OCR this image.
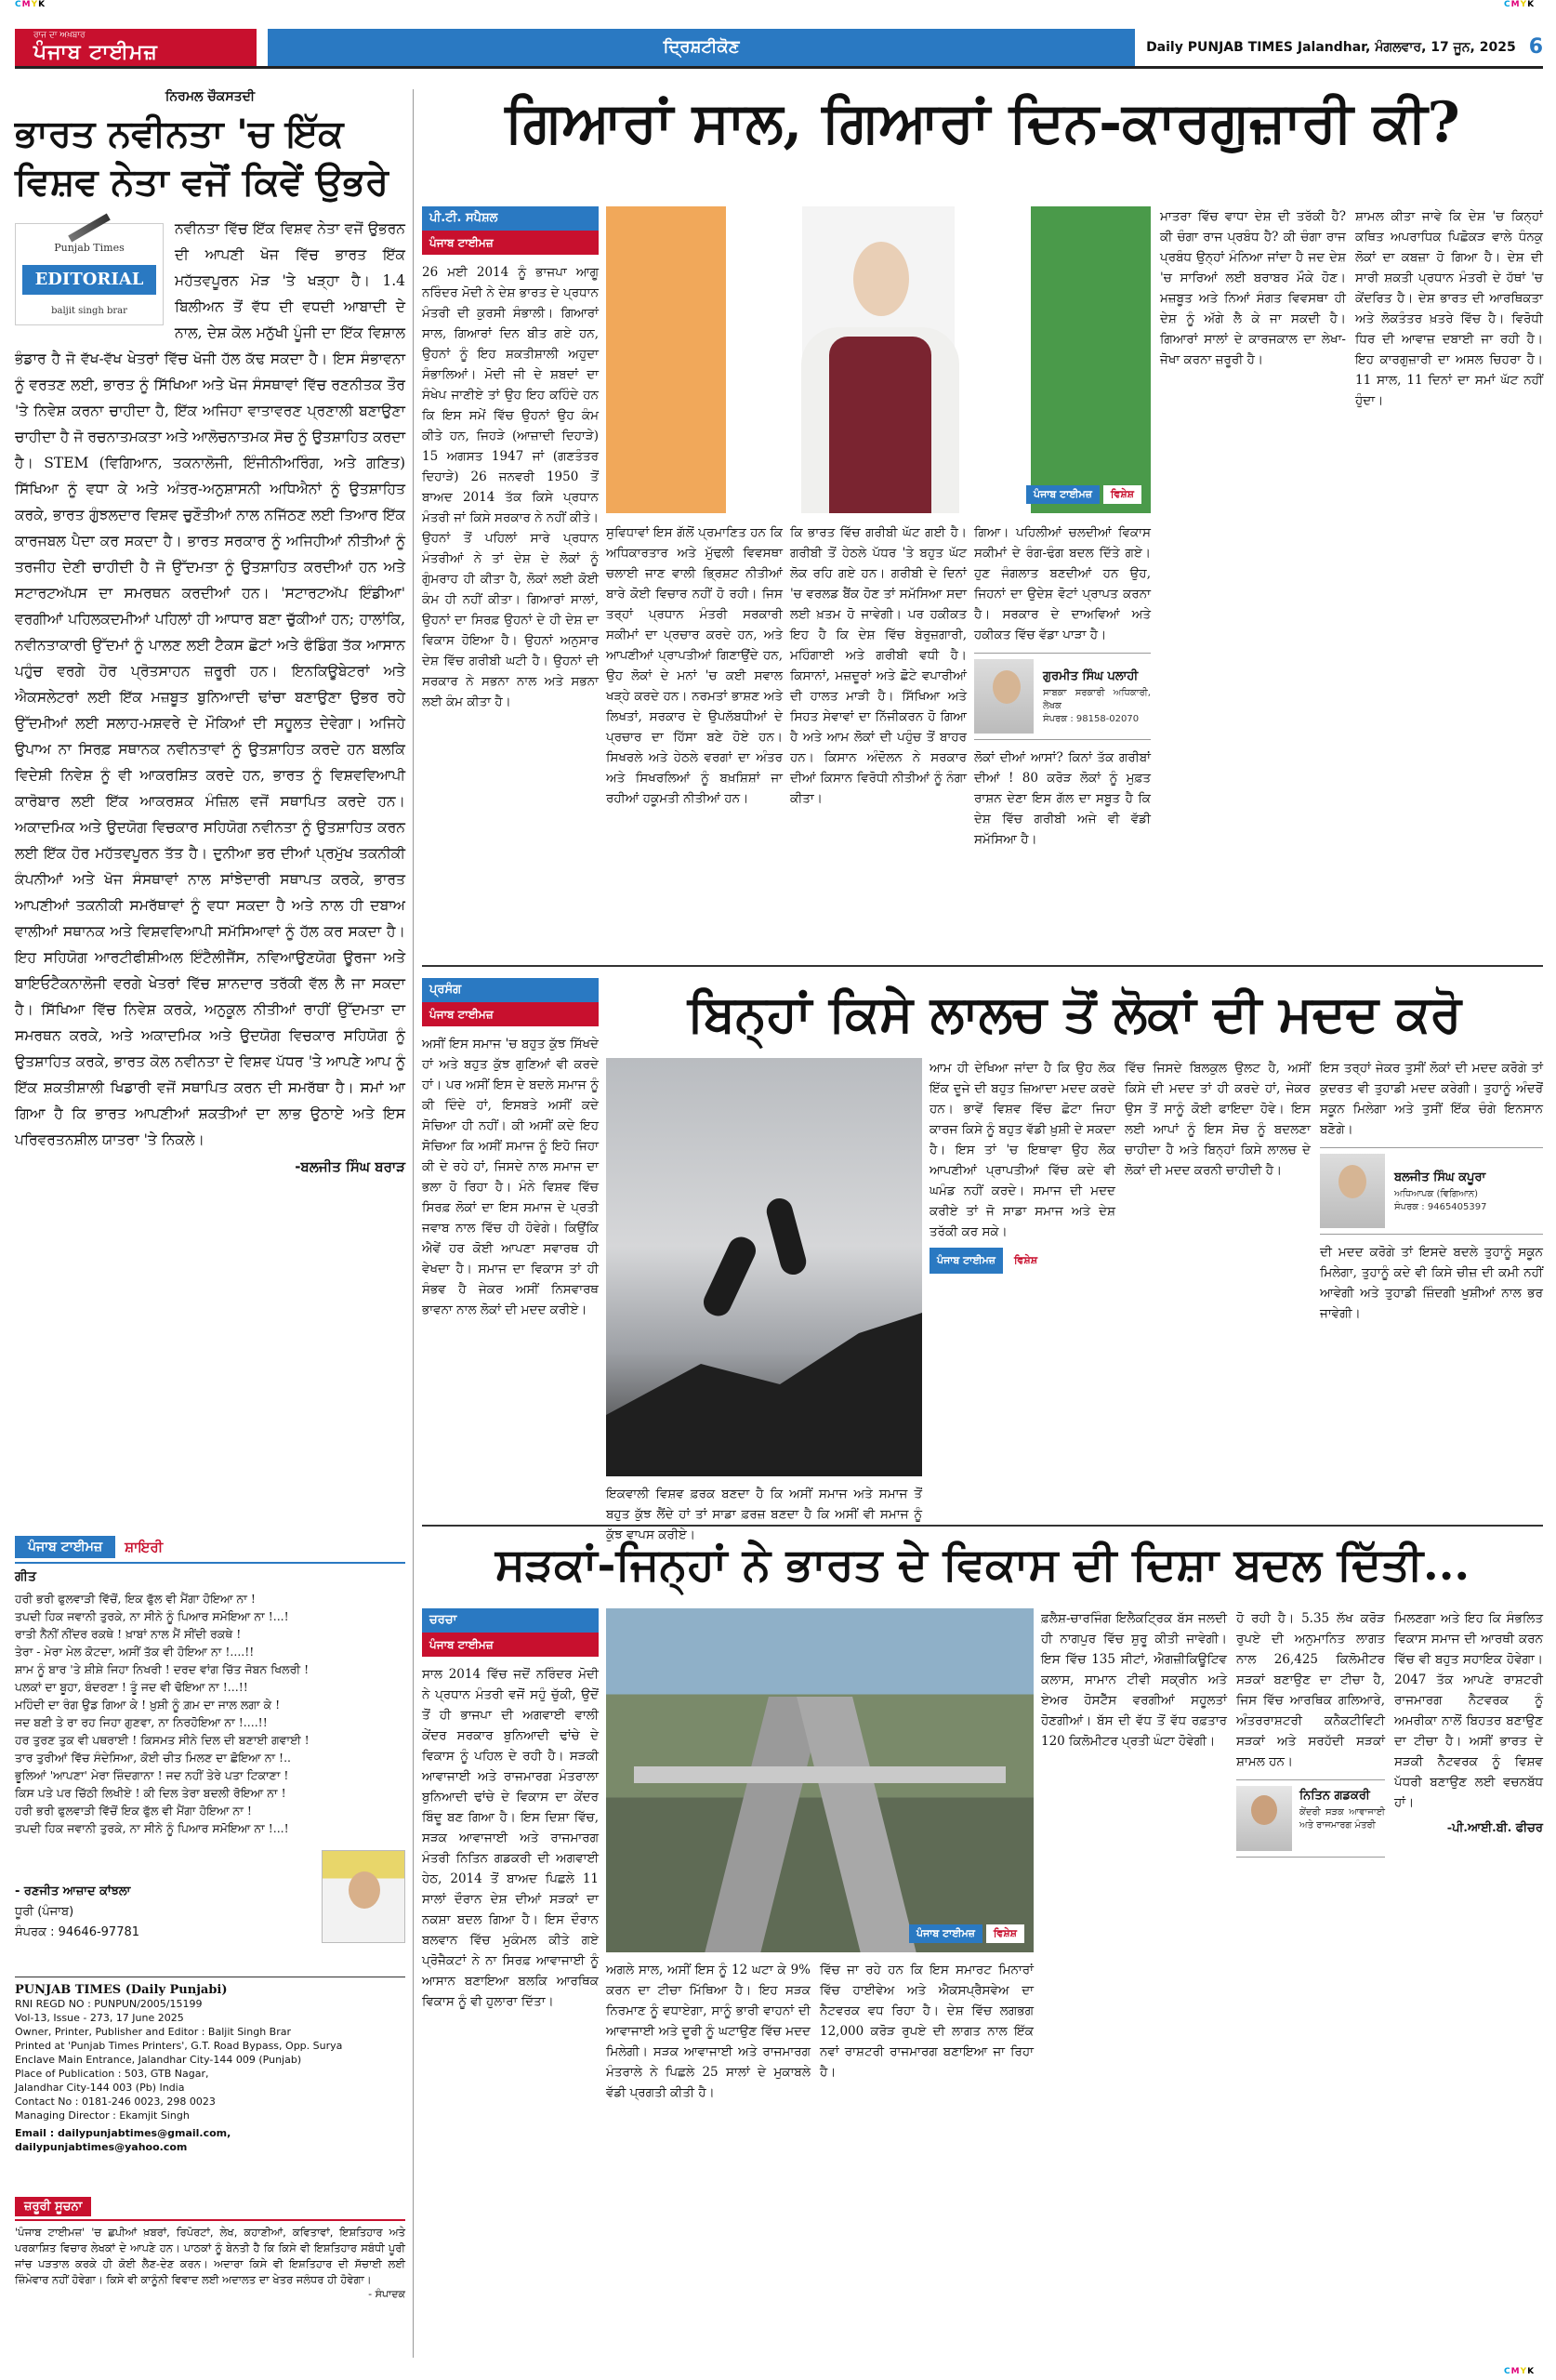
CMYK	CMYK
ਰਾਜ ਦਾ ਅਖ਼ਬਾਰ
ਪੰਜਾਬ ਟਾਈਮਜ਼	ਦ੍ਰਿਸ਼ਟੀਕੋਣ	Daily PUNJAB TIMES Jalandhar, ਮੰਗਲਵਾਰ, 17 ਜੂਨ, 2025 6
ਨਿਰਮਲ ਚੌਕਸਤਦੀ
ਭਾਰਤ ਨਵੀਨਤਾ 'ਚ ਇੱਕ ਵਿਸ਼ਵ ਨੇਤਾ ਵਜੋਂ ਕਿਵੇਂ ਉਭਰੇ
Punjab Times
EDITORIAL
baljit singh brar
ਨਵੀਨਤਾ ਵਿੱਚ ਇੱਕ ਵਿਸ਼ਵ ਨੇਤਾ ਵਜੋਂ ਉਭਰਨ ਦੀ ਆਪਣੀ ਖੋਜ ਵਿੱਚ ਭਾਰਤ ਇੱਕ ਮਹੱਤਵਪੂਰਨ ਮੋੜ 'ਤੇ ਖੜ੍ਹਾ ਹੈ। 1.4 ਬਿਲੀਅਨ ਤੋਂ ਵੱਧ ਦੀ ਵਧਦੀ ਆਬਾਦੀ ਦੇ ਨਾਲ, ਦੇਸ਼ ਕੋਲ ਮਨੁੱਖੀ ਪੂੰਜੀ ਦਾ ਇੱਕ ਵਿਸ਼ਾਲ ਭੰਡਾਰ ਹੈ ਜੋ ਵੱਖ-ਵੱਖ ਖੇਤਰਾਂ ਵਿੱਚ ਖੋਜੀ ਹੱਲ ਕੱਢ ਸਕਦਾ ਹੈ। ਇਸ ਸੰਭਾਵਨਾ ਨੂੰ ਵਰਤਣ ਲਈ, ਭਾਰਤ ਨੂੰ ਸਿੱਖਿਆ ਅਤੇ ਖੋਜ ਸੰਸਥਾਵਾਂ ਵਿੱਚ ਰਣਨੀਤਕ ਤੌਰ 'ਤੇ ਨਿਵੇਸ਼ ਕਰਨਾ ਚਾਹੀਦਾ ਹੈ, ਇੱਕ ਅਜਿਹਾ ਵਾਤਾਵਰਣ ਪ੍ਰਣਾਲੀ ਬਣਾਉਣਾ ਚਾਹੀਦਾ ਹੈ ਜੋ ਰਚਨਾਤਮਕਤਾ ਅਤੇ ਆਲੋਚਨਾਤਮਕ ਸੋਚ ਨੂੰ ਉਤਸ਼ਾਹਿਤ ਕਰਦਾ ਹੈ। STEM (ਵਿਗਿਆਨ, ਤਕਨਾਲੋਜੀ, ਇੰਜੀਨੀਅਰਿੰਗ, ਅਤੇ ਗਣਿਤ) ਸਿੱਖਿਆ ਨੂੰ ਵਧਾ ਕੇ ਅਤੇ ਅੰਤਰ-ਅਨੁਸ਼ਾਸਨੀ ਅਧਿਐਨਾਂ ਨੂੰ ਉਤਸ਼ਾਹਿਤ ਕਰਕੇ, ਭਾਰਤ ਗੁੰਝਲਦਾਰ ਵਿਸ਼ਵ ਚੁਣੌਤੀਆਂ ਨਾਲ ਨਜਿੱਠਣ ਲਈ ਤਿਆਰ ਇੱਕ ਕਾਰਜਬਲ ਪੈਦਾ ਕਰ ਸਕਦਾ ਹੈ। ਭਾਰਤ ਸਰਕਾਰ ਨੂੰ ਅਜਿਹੀਆਂ ਨੀਤੀਆਂ ਨੂੰ ਤਰਜੀਹ ਦੇਣੀ ਚਾਹੀਦੀ ਹੈ ਜੋ ਉੱਦਮਤਾ ਨੂੰ ਉਤਸ਼ਾਹਿਤ ਕਰਦੀਆਂ ਹਨ ਅਤੇ ਸਟਾਰਟਅੱਪਸ ਦਾ ਸਮਰਥਨ ਕਰਦੀਆਂ ਹਨ। 'ਸਟਾਰਟਅੱਪ ਇੰਡੀਆ' ਵਰਗੀਆਂ ਪਹਿਲਕਦਮੀਆਂ ਪਹਿਲਾਂ ਹੀ ਆਧਾਰ ਬਣਾ ਚੁੱਕੀਆਂ ਹਨ; ਹਾਲਾਂਕਿ, ਨਵੀਨਤਾਕਾਰੀ ਉੱਦਮਾਂ ਨੂੰ ਪਾਲਣ ਲਈ ਟੈਕਸ ਛੋਟਾਂ ਅਤੇ ਫੰਡਿੰਗ ਤੱਕ ਆਸਾਨ ਪਹੁੰਚ ਵਰਗੇ ਹੋਰ ਪ੍ਰੋਤਸਾਹਨ ਜ਼ਰੂਰੀ ਹਨ। ਇਨਕਿਊਬੇਟਰਾਂ ਅਤੇ ਐਕਸਲੇਟਰਾਂ ਲਈ ਇੱਕ ਮਜ਼ਬੂਤ ਬੁਨਿਆਦੀ ਢਾਂਚਾ ਬਣਾਉਣਾ ਉਭਰ ਰਹੇ ਉੱਦਮੀਆਂ ਲਈ ਸਲਾਹ-ਮਸ਼ਵਰੇ ਦੇ ਮੌਕਿਆਂ ਦੀ ਸਹੂਲਤ ਦੇਵੇਗਾ। ਅਜਿਹੇ ਉਪਾਅ ਨਾ ਸਿਰਫ਼ ਸਥਾਨਕ ਨਵੀਨਤਾਵਾਂ ਨੂੰ ਉਤਸ਼ਾਹਿਤ ਕਰਦੇ ਹਨ ਬਲਕਿ ਵਿਦੇਸ਼ੀ ਨਿਵੇਸ਼ ਨੂੰ ਵੀ ਆਕਰਸ਼ਿਤ ਕਰਦੇ ਹਨ, ਭਾਰਤ ਨੂੰ ਵਿਸ਼ਵਵਿਆਪੀ ਕਾਰੋਬਾਰ ਲਈ ਇੱਕ ਆਕਰਸ਼ਕ ਮੰਜ਼ਿਲ ਵਜੋਂ ਸਥਾਪਿਤ ਕਰਦੇ ਹਨ। ਅਕਾਦਮਿਕ ਅਤੇ ਉਦਯੋਗ ਵਿਚਕਾਰ ਸਹਿਯੋਗ ਨਵੀਨਤਾ ਨੂੰ ਉਤਸ਼ਾਹਿਤ ਕਰਨ ਲਈ ਇੱਕ ਹੋਰ ਮਹੱਤਵਪੂਰਨ ਤੱਤ ਹੈ। ਦੁਨੀਆ ਭਰ ਦੀਆਂ ਪ੍ਰਮੁੱਖ ਤਕਨੀਕੀ ਕੰਪਨੀਆਂ ਅਤੇ ਖੋਜ ਸੰਸਥਾਵਾਂ ਨਾਲ ਸਾਂਝੇਦਾਰੀ ਸਥਾਪਤ ਕਰਕੇ, ਭਾਰਤ ਆਪਣੀਆਂ ਤਕਨੀਕੀ ਸਮਰੱਥਾਵਾਂ ਨੂੰ ਵਧਾ ਸਕਦਾ ਹੈ ਅਤੇ ਨਾਲ ਹੀ ਦਬਾਅ ਵਾਲੀਆਂ ਸਥਾਨਕ ਅਤੇ ਵਿਸ਼ਵਵਿਆਪੀ ਸਮੱਸਿਆਵਾਂ ਨੂੰ ਹੱਲ ਕਰ ਸਕਦਾ ਹੈ। ਇਹ ਸਹਿਯੋਗ ਆਰਟੀਫੀਸ਼ੀਅਲ ਇੰਟੈਲੀਜੈਂਸ, ਨਵਿਆਉਣਯੋਗ ਊਰਜਾ ਅਤੇ ਬਾਇਓਟੈਕਨਾਲੋਜੀ ਵਰਗੇ ਖੇਤਰਾਂ ਵਿੱਚ ਸ਼ਾਨਦਾਰ ਤਰੱਕੀ ਵੱਲ ਲੈ ਜਾ ਸਕਦਾ ਹੈ। ਸਿੱਖਿਆ ਵਿੱਚ ਨਿਵੇਸ਼ ਕਰਕੇ, ਅਨੁਕੂਲ ਨੀਤੀਆਂ ਰਾਹੀਂ ਉੱਦਮਤਾ ਦਾ ਸਮਰਥਨ ਕਰਕੇ, ਅਤੇ ਅਕਾਦਮਿਕ ਅਤੇ ਉਦਯੋਗ ਵਿਚਕਾਰ ਸਹਿਯੋਗ ਨੂੰ ਉਤਸ਼ਾਹਿਤ ਕਰਕੇ, ਭਾਰਤ ਕੋਲ ਨਵੀਨਤਾ ਦੇ ਵਿਸ਼ਵ ਪੱਧਰ 'ਤੇ ਆਪਣੇ ਆਪ ਨੂੰ ਇੱਕ ਸ਼ਕਤੀਸ਼ਾਲੀ ਖਿਡਾਰੀ ਵਜੋਂ ਸਥਾਪਿਤ ਕਰਨ ਦੀ ਸਮਰੱਥਾ ਹੈ। ਸਮਾਂ ਆ ਗਿਆ ਹੈ ਕਿ ਭਾਰਤ ਆਪਣੀਆਂ ਸ਼ਕਤੀਆਂ ਦਾ ਲਾਭ ਉਠਾਏ ਅਤੇ ਇਸ ਪਰਿਵਰਤਨਸ਼ੀਲ ਯਾਤਰਾ 'ਤੇ ਨਿਕਲੇ।
-ਬਲਜੀਤ ਸਿੰਘ ਬਰਾੜ
ਪੰਜਾਬ ਟਾਈਮਜ਼	ਸ਼ਾਇਰੀ
ਗੀਤ
ਹਰੀ ਭਰੀ ਫੁਲਵਾੜੀ ਵਿੱਚੋਂ, ਇਕ ਫੁੱਲ ਵੀ ਮੈਂਗਾ ਹੋਇਆ ਨਾ !
ਤਪਦੀ ਹਿਕ ਜਵਾਨੀ ਤੁਰਕੇ, ਨਾ ਸੀਨੇ ਨੂੰ ਪਿਆਰ ਸਮੋਇਆ ਨਾ !...!
ਰਾਤੀ ਨੈਨੀਂ ਨੀਂਦਰ ਰਕਥੇ ! ਖ਼ਾਬਾਂ ਨਾਲ ਮੈਂ ਸੀਂਦੀ ਰਕਥੇ !
ਤੇਰਾ - ਮੇਰਾ ਮੇਲ ਕੋਟਦਾ, ਅਸੀਂ ਤੱਕ ਵੀ ਹੋਇਆ ਨਾ !....!!
ਸ਼ਾਮ ਨੂੰ ਬਾਰ 'ਤੇ ਸ਼ੀਸ਼ੇ ਜਿਹਾ ਨਿਖਰੀ ! ਦਰਦ ਵਾਂਗ ਚਿੱਤ ਜੋਬਨ ਖਿਲਰੀ !
ਪਲਕਾਂ ਦਾ ਬੂਹਾ, ਬੰਦਰਣਾ ! ਤੂੰ ਜਦ ਵੀ ਢੋਇਆ ਨਾ !...!!
ਮਹਿੰਦੀ ਦਾ ਰੰਗ ਉਡ ਗਿਆ ਕੇ ! ਖ਼ੁਸ਼ੀ ਨੂੰ ਗ਼ਮ ਦਾ ਜਾਲ ਲਗਾ ਕੇ !
ਜਦ ਬਣੀ ਤੇ ਰਾ ਰਹ ਜਿਹਾ ਗੁਣਵਾ, ਨਾ ਨਿਰਹੋਇਆ ਨਾ !....!!
ਹਰ ਤੁਰਣ ਤੁਕ ਵੀ ਪਥਰਾਈ ! ਕਿਸਮਤ ਸੀਨੇ ਦਿਲ ਦੀ ਬਣਾਈ ਗਵਾਈ !
ਤਾਰ ਤੁਰੀਆਂ ਵਿੱਚ ਸੰਦੇਸਿਆ, ਕੋਈ ਚੀਤ ਮਿਲਣ ਦਾ ਛੋਇਆ ਨਾ !..
ਭੂਲਿਆਂ 'ਆਪਣਾ' ਮੇਰਾ ਜ਼ਿੰਦਗਾਨਾ ! ਜਦ ਨਹੀਂ ਤੇਰੇ ਪਤਾ ਟਿਕਾਣਾ !
ਕਿਸ ਪਤੇ ਪਰ ਚਿੱਠੀ ਲਿਖੀਏ ! ਕੀ ਦਿਲ ਤੇਰਾ ਬਦਲੀ ਰੋਇਆ ਨਾ !
ਹਰੀ ਭਰੀ ਫੁਲਵਾੜੀ ਵਿੱਚੋਂ ਇਕ ਫੁੱਲ ਵੀ ਮੈਂਗਾ ਹੋਇਆ ਨਾ !
ਤਪਦੀ ਹਿਕ ਜਵਾਨੀ ਤੁਰਕੇ, ਨਾ ਸੀਨੇ ਨੂੰ ਪਿਆਰ ਸਮੋਇਆ ਨਾ !...!
- ਰਣਜੀਤ ਆਜ਼ਾਦ ਕਾਂਝਲਾ
ਧੂਰੀ (ਪੰਜਾਬ)
ਸੰਪਰਕ : 94646-97781
PUNJAB TIMES (Daily Punjabi)
RNI REGD NO : PUNPUN/2005/15199
Vol-13, Issue - 273, 17 June 2025
Owner, Printer, Publisher and Editor : Baljit Singh Brar
Printed at 'Punjab Times Printers', G.T. Road Bypass, Opp. Surya
Enclave Main Entrance, Jalandhar City-144 009 (Punjab)
Place of Publication : 503, GTB Nagar,
Jalandhar City-144 003 (Pb) India
Contact No : 0181-246 0023, 298 0023
Managing Director : Ekamjit Singh
Email : dailypunjabtimes@gmail.com, dailypunjabtimes@yahoo.com
ਜ਼ਰੂਰੀ ਸੂਚਨਾ
'ਪੰਜਾਬ ਟਾਈਮਜ਼' 'ਚ ਛਪੀਆਂ ਖ਼ਬਰਾਂ, ਰਿਪੋਰਟਾਂ, ਲੇਖ, ਕਹਾਣੀਆਂ, ਕਵਿਤਾਵਾਂ, ਇਸ਼ਤਿਹਾਰ ਅਤੇ ਪਰਕਾਸ਼ਿਤ ਵਿਚਾਰ ਲੇਖਕਾਂ ਦੇ ਆਪਣੇ ਹਨ। ਪਾਠਕਾਂ ਨੂੰ ਬੇਨਤੀ ਹੈ ਕਿ ਕਿਸੇ ਵੀ ਇਸ਼ਤਿਹਾਰ ਸਬੰਧੀ ਪੂਰੀ ਜਾਂਚ ਪੜਤਾਲ ਕਰਕੇ ਹੀ ਕੋਈ ਲੈਣ-ਦੇਣ ਕਰਨ। ਅਦਾਰਾ ਕਿਸੇ ਵੀ ਇਸ਼ਤਿਹਾਰ ਦੀ ਸੱਚਾਈ ਲਈ ਜ਼ਿੰਮੇਵਾਰ ਨਹੀਂ ਹੋਵੇਗਾ। ਕਿਸੇ ਵੀ ਕਾਨੂੰਨੀ ਵਿਵਾਦ ਲਈ ਅਦਾਲਤ ਦਾ ਖੇਤਰ ਜਲੰਧਰ ਹੀ ਹੋਵੇਗਾ।
- ਸੰਪਾਦਕ
ਗਿਆਰਾਂ ਸਾਲ, ਗਿਆਰਾਂ ਦਿਨ-ਕਾਰਗੁਜ਼ਾਰੀ ਕੀ?
ਪੀ.ਟੀ. ਸਪੈਸ਼ਲ
ਪੰਜਾਬ ਟਾਈਮਜ਼
26 ਮਈ 2014 ਨੂੰ ਭਾਜਪਾ ਆਗੂ ਨਰਿੰਦਰ ਮੋਦੀ ਨੇ ਦੇਸ਼ ਭਾਰਤ ਦੇ ਪ੍ਰਧਾਨ ਮੰਤਰੀ ਦੀ ਕੁਰਸੀ ਸੰਭਾਲੀ। ਗਿਆਰਾਂ ਸਾਲ, ਗਿਆਰਾਂ ਦਿਨ ਬੀਤ ਗਏ ਹਨ, ਉਹਨਾਂ ਨੂੰ ਇਹ ਸ਼ਕਤੀਸ਼ਾਲੀ ਅਹੁਦਾ ਸੰਭਾਲਿਆਂ। ਮੋਦੀ ਜੀ ਦੇ ਸ਼ਬਦਾਂ ਦਾ ਸੰਖੇਪ ਜਾਣੀਏ ਤਾਂ ਉਹ ਇਹ ਕਹਿੰਦੇ ਹਨ ਕਿ ਇਸ ਸਮੇਂ ਵਿੱਚ ਉਹਨਾਂ ਉਹ ਕੰਮ ਕੀਤੇ ਹਨ, ਜਿਹੜੇ (ਆਜ਼ਾਦੀ ਦਿਹਾੜੇ) 15 ਅਗਸਤ 1947 ਜਾਂ (ਗਣਤੰਤਰ ਦਿਹਾੜੇ) 26 ਜਨਵਰੀ 1950 ਤੋਂ ਬਾਅਦ 2014 ਤੱਕ ਕਿਸੇ ਪ੍ਰਧਾਨ ਮੰਤਰੀ ਜਾਂ ਕਿਸੇ ਸਰਕਾਰ ਨੇ ਨਹੀਂ ਕੀਤੇ। ਉਹਨਾਂ ਤੋਂ ਪਹਿਲਾਂ ਸਾਰੇ ਪ੍ਰਧਾਨ ਮੰਤਰੀਆਂ ਨੇ ਤਾਂ ਦੇਸ਼ ਦੇ ਲੋਕਾਂ ਨੂੰ ਗੁੰਮਰਾਹ ਹੀ ਕੀਤਾ ਹੈ, ਲੋਕਾਂ ਲਈ ਕੋਈ ਕੰਮ ਹੀ ਨਹੀਂ ਕੀਤਾ। ਗਿਆਰਾਂ ਸਾਲਾਂ, ਉਹਨਾਂ ਦਾ ਸਿਰਫ਼ ਉਹਨਾਂ ਦੇ ਹੀ ਦੇਸ਼ ਦਾ ਵਿਕਾਸ ਹੋਇਆ ਹੈ। ਉਹਨਾਂ ਅਨੁਸਾਰ ਦੇਸ਼ ਵਿੱਚ ਗਰੀਬੀ ਘਟੀ ਹੈ। ਉਹਨਾਂ ਦੀ ਸਰਕਾਰ ਨੇ ਸਭਨਾ ਨਾਲ ਅਤੇ ਸਭਨਾ ਲਈ ਕੰਮ ਕੀਤਾ ਹੈ।
ਪੰਜਾਬ ਟਾਈਮਜ਼	ਵਿਸ਼ੇਸ਼
ਸੁਵਿਧਾਵਾਂ ਇਸ ਗੱਲੋਂ ਪ੍ਰਮਾਣਿਤ ਹਨ ਕਿ ਅਧਿਕਾਰਤਾਰ ਅਤੇ ਮੁੱਢਲੀ ਵਿਵਸਥਾ ਚਲਾਈ ਜਾਣ ਵਾਲੀ ਭ੍ਰਿਸ਼ਟ ਨੀਤੀਆਂ ਬਾਰੇ ਕੋਈ ਵਿਚਾਰ ਨਹੀਂ ਹੋ ਰਹੀ। ਜਿਸ ਤਰ੍ਹਾਂ ਪ੍ਰਧਾਨ ਮੰਤਰੀ ਸਰਕਾਰੀ ਸਕੀਮਾਂ ਦਾ ਪ੍ਰਚਾਰ ਕਰਦੇ ਹਨ, ਅਤੇ ਆਪਣੀਆਂ ਪ੍ਰਾਪਤੀਆਂ ਗਿਣਾਉਂਦੇ ਹਨ, ਉਹ ਲੋਕਾਂ ਦੇ ਮਨਾਂ 'ਚ ਕਈ ਸਵਾਲ ਖੜ੍ਹੇ ਕਰਦੇ ਹਨ। ਨਰਮਤਾਂ ਭਾਸ਼ਣ ਅਤੇ ਲਿਖਤਾਂ, ਸਰਕਾਰ ਦੇ ਉਪਲੱਬਧੀਆਂ ਦੇ ਪ੍ਰਚਾਰ ਦਾ ਹਿੱਸਾ ਬਣੇ ਹੋਏ ਹਨ। ਸਿਖਰਲੇ ਅਤੇ ਹੇਠਲੇ ਵਰਗਾਂ ਦਾ ਅੰਤਰ ਅਤੇ ਸਿਖਰਲਿਆਂ ਨੂੰ ਬਖ਼ਸ਼ਿਸ਼ਾਂ ਜਾ ਰਹੀਆਂ ਹਕੂਮਤੀ ਨੀਤੀਆਂ ਹਨ।
ਕਿ ਭਾਰਤ ਵਿੱਚ ਗਰੀਬੀ ਘੱਟ ਗਈ ਹੈ। ਗਰੀਬੀ ਤੋਂ ਹੇਠਲੇ ਪੱਧਰ 'ਤੇ ਬਹੁਤ ਘੱਟ ਲੋਕ ਰਹਿ ਗਏ ਹਨ। ਗਰੀਬੀ ਦੇ ਦਿਨਾਂ 'ਚ ਵਰਲਡ ਬੈਂਕ ਹੋਣ ਤਾਂ ਸਮੱਸਿਆ ਸਦਾ ਲਈ ਖ਼ਤਮ ਹੋ ਜਾਵੇਗੀ। ਪਰ ਹਕੀਕਤ ਇਹ ਹੈ ਕਿ ਦੇਸ਼ ਵਿੱਚ ਬੇਰੁਜ਼ਗਾਰੀ, ਮਹਿੰਗਾਈ ਅਤੇ ਗਰੀਬੀ ਵਧੀ ਹੈ। ਕਿਸਾਨਾਂ, ਮਜ਼ਦੂਰਾਂ ਅਤੇ ਛੋਟੇ ਵਪਾਰੀਆਂ ਦੀ ਹਾਲਤ ਮਾੜੀ ਹੈ। ਸਿੱਖਿਆ ਅਤੇ ਸਿਹਤ ਸੇਵਾਵਾਂ ਦਾ ਨਿੱਜੀਕਰਨ ਹੋ ਗਿਆ ਹੈ ਅਤੇ ਆਮ ਲੋਕਾਂ ਦੀ ਪਹੁੰਚ ਤੋਂ ਬਾਹਰ ਹਨ। ਕਿਸਾਨ ਅੰਦੋਲਨ ਨੇ ਸਰਕਾਰ ਦੀਆਂ ਕਿਸਾਨ ਵਿਰੋਧੀ ਨੀਤੀਆਂ ਨੂੰ ਨੰਗਾ ਕੀਤਾ।
ਗਿਆ। ਪਹਿਲੀਆਂ ਚਲਦੀਆਂ ਵਿਕਾਸ ਸਕੀਮਾਂ ਦੇ ਰੰਗ-ਢੰਗ ਬਦਲ ਦਿੱਤੇ ਗਏ। ਹੁਣ ਜੰਗਲਾਤ ਬਣਦੀਆਂ ਹਨ ਉਹ, ਜਿਹਨਾਂ ਦਾ ਉਦੇਸ਼ ਵੋਟਾਂ ਪ੍ਰਾਪਤ ਕਰਨਾ ਹੈ। ਸਰਕਾਰ ਦੇ ਦਾਅਵਿਆਂ ਅਤੇ ਹਕੀਕਤ ਵਿੱਚ ਵੱਡਾ ਪਾੜਾ ਹੈ।
ਗੁਰਮੀਤ ਸਿੰਘ ਪਲਾਹੀ
ਸਾਬਕਾ ਸਰਕਾਰੀ ਅਧਿਕਾਰੀ, ਲੇਖਕ
ਸੰਪਰਕ : 98158-02070
ਲੋਕਾਂ ਦੀਆਂ ਆਸਾਂ? ਕਿਨਾਂ ਤੱਕ ਗਰੀਬਾਂ ਦੀਆਂ ! 80 ਕਰੋੜ ਲੋਕਾਂ ਨੂੰ ਮੁਫ਼ਤ ਰਾਸ਼ਨ ਦੇਣਾ ਇਸ ਗੱਲ ਦਾ ਸਬੂਤ ਹੈ ਕਿ ਦੇਸ਼ ਵਿੱਚ ਗਰੀਬੀ ਅਜੇ ਵੀ ਵੱਡੀ ਸਮੱਸਿਆ ਹੈ।
ਮਾਤਰਾ ਵਿੱਚ ਵਾਧਾ ਦੇਸ਼ ਦੀ ਤਰੱਕੀ ਹੈ? ਕੀ ਚੰਗਾ ਰਾਜ ਪ੍ਰਬੰਧ ਹੈ? ਕੀ ਚੰਗਾ ਰਾਜ ਪ੍ਰਬੰਧ ਉਨ੍ਹਾਂ ਮੰਨਿਆ ਜਾਂਦਾ ਹੈ ਜਦ ਦੇਸ਼ 'ਚ ਸਾਰਿਆਂ ਲਈ ਬਰਾਬਰ ਮੌਕੇ ਹੋਣ। ਮਜ਼ਬੂਤ ਅਤੇ ਨਿਆਂ ਸੰਗਤ ਵਿਵਸਥਾ ਹੀ ਦੇਸ਼ ਨੂੰ ਅੱਗੇ ਲੈ ਕੇ ਜਾ ਸਕਦੀ ਹੈ। ਗਿਆਰਾਂ ਸਾਲਾਂ ਦੇ ਕਾਰਜਕਾਲ ਦਾ ਲੇਖਾ-ਜੋਖਾ ਕਰਨਾ ਜ਼ਰੂਰੀ ਹੈ।
ਸ਼ਾਮਲ ਕੀਤਾ ਜਾਵੇ ਕਿ ਦੇਸ਼ 'ਚ ਕਿਨ੍ਹਾਂ ਕਥਿਤ ਅਪਰਾਧਿਕ ਪਿਛੋਕੜ ਵਾਲੇ ਧੰਨਕੁ ਲੋਕਾਂ ਦਾ ਕਬਜ਼ਾ ਹੋ ਗਿਆ ਹੈ। ਦੇਸ਼ ਦੀ ਸਾਰੀ ਸ਼ਕਤੀ ਪ੍ਰਧਾਨ ਮੰਤਰੀ ਦੇ ਹੱਥਾਂ 'ਚ ਕੇਂਦਰਿਤ ਹੈ। ਦੇਸ਼ ਭਾਰਤ ਦੀ ਆਰਥਿਕਤਾ ਅਤੇ ਲੋਕਤੰਤਰ ਖ਼ਤਰੇ ਵਿੱਚ ਹੈ। ਵਿਰੋਧੀ ਧਿਰ ਦੀ ਆਵਾਜ਼ ਦਬਾਈ ਜਾ ਰਹੀ ਹੈ। ਇਹ ਕਾਰਗੁਜ਼ਾਰੀ ਦਾ ਅਸਲ ਚਿਹਰਾ ਹੈ। 11 ਸਾਲ, 11 ਦਿਨਾਂ ਦਾ ਸਮਾਂ ਘੱਟ ਨਹੀਂ ਹੁੰਦਾ।
ਪ੍ਰਸੰਗ
ਪੰਜਾਬ ਟਾਈਮਜ਼
ਅਸੀਂ ਇਸ ਸਮਾਜ 'ਚ ਬਹੁਤ ਕੁੱਝ ਸਿੱਖਦੇ ਹਾਂ ਅਤੇ ਬਹੁਤ ਕੁੱਝ ਗੁਣਿਆਂ ਵੀ ਕਰਦੇ ਹਾਂ। ਪਰ ਅਸੀਂ ਇਸ ਦੇ ਬਦਲੇ ਸਮਾਜ ਨੂੰ ਕੀ ਦਿੰਦੇ ਹਾਂ, ਇਸਬਤੇ ਅਸੀਂ ਕਦੇ ਸੋਚਿਆ ਹੀ ਨਹੀਂ। ਕੀ ਅਸੀਂ ਕਦੇ ਇਹ ਸੋਚਿਆ ਕਿ ਅਸੀਂ ਸਮਾਜ ਨੂੰ ਇਹੋ ਜਿਹਾ ਕੀ ਦੇ ਰਹੇ ਹਾਂ, ਜਿਸਦੇ ਨਾਲ ਸਮਾਜ ਦਾ ਭਲਾ ਹੋ ਰਿਹਾ ਹੈ। ਮੰਨੇ ਵਿਸ਼ਵ ਵਿੱਚ ਸਿਰਫ਼ ਲੋਕਾਂ ਦਾ ਇਸ ਸਮਾਜ ਦੇ ਪ੍ਰਤੀ ਜਵਾਬ ਨਾਲ ਵਿੱਚ ਹੀ ਹੋਵੇਗੇ। ਕਿਉਂਕਿ ਐਵੇਂ ਹਰ ਕੋਈ ਆਪਣਾ ਸਵਾਰਥ ਹੀ ਵੇਖਦਾ ਹੈ। ਸਮਾਜ ਦਾ ਵਿਕਾਸ ਤਾਂ ਹੀ ਸੰਭਵ ਹੈ ਜੇਕਰ ਅਸੀਂ ਨਿਸਵਾਰਥ ਭਾਵਨਾ ਨਾਲ ਲੋਕਾਂ ਦੀ ਮਦਦ ਕਰੀਏ।
ਬਿਨ੍ਹਾਂ ਕਿਸੇ ਲਾਲਚ ਤੋਂ ਲੋਕਾਂ ਦੀ ਮਦਦ ਕਰੋ
ਇਕਵਾਲੀ ਵਿਸ਼ਵ ਫ਼ਰਕ ਬਣਦਾ ਹੈ ਕਿ ਅਸੀਂ ਸਮਾਜ ਅਤੇ ਸਮਾਜ ਤੋਂ ਬਹੁਤ ਕੁੱਝ ਲੈਂਦੇ ਹਾਂ ਤਾਂ ਸਾਡਾ ਫ਼ਰਜ਼ ਬਣਦਾ ਹੈ ਕਿ ਅਸੀਂ ਵੀ ਸਮਾਜ ਨੂੰ ਕੁੱਝ ਵਾਪਸ ਕਰੀਏ।
ਆਮ ਹੀ ਦੇਖਿਆ ਜਾਂਦਾ ਹੈ ਕਿ ਉਹ ਲੋਕ ਇੱਕ ਦੂਜੇ ਦੀ ਬਹੁਤ ਜ਼ਿਆਦਾ ਮਦਦ ਕਰਦੇ ਹਨ। ਭਾਵੇਂ ਵਿਸ਼ਵ ਵਿੱਚ ਛੋਟਾ ਜਿਹਾ ਕਾਰਜ ਕਿਸੇ ਨੂੰ ਬਹੁਤ ਵੱਡੀ ਖ਼ੁਸ਼ੀ ਦੇ ਸਕਦਾ ਹੈ। ਇਸ ਤਾਂ 'ਚ ਇਥਾਵਾ ਉਹ ਲੋਕ ਆਪਣੀਆਂ ਪ੍ਰਾਪਤੀਆਂ ਵਿੱਚ ਕਦੇ ਵੀ ਘਮੰਡ ਨਹੀਂ ਕਰਦੇ। ਸਮਾਜ ਦੀ ਮਦਦ ਕਰੀਏ ਤਾਂ ਜੋ ਸਾਡਾ ਸਮਾਜ ਅਤੇ ਦੇਸ਼ ਤਰੱਕੀ ਕਰ ਸਕੇ।
ਪੰਜਾਬ ਟਾਈਮਜ਼	ਵਿਸ਼ੇਸ਼
ਵਿੱਚ ਜਿਸਦੇ ਬਿਲਕੁਲ ਉਲਟ ਹੈ, ਅਸੀਂ ਕਿਸੇ ਦੀ ਮਦਦ ਤਾਂ ਹੀ ਕਰਦੇ ਹਾਂ, ਜੇਕਰ ਉਸ ਤੋਂ ਸਾਨੂੰ ਕੋਈ ਫਾਇਦਾ ਹੋਵੇ। ਇਸ ਲਈ ਆਪਾਂ ਨੂੰ ਇਸ ਸੋਚ ਨੂੰ ਬਦਲਣਾ ਚਾਹੀਦਾ ਹੈ ਅਤੇ ਬਿਨ੍ਹਾਂ ਕਿਸੇ ਲਾਲਚ ਦੇ ਲੋਕਾਂ ਦੀ ਮਦਦ ਕਰਨੀ ਚਾਹੀਦੀ ਹੈ।
ਇਸ ਤਰ੍ਹਾਂ ਜੇਕਰ ਤੁਸੀਂ ਲੋਕਾਂ ਦੀ ਮਦਦ ਕਰੋਗੇ ਤਾਂ ਕੁਦਰਤ ਵੀ ਤੁਹਾਡੀ ਮਦਦ ਕਰੇਗੀ। ਤੁਹਾਨੂੰ ਅੰਦਰੋਂ ਸਕੂਨ ਮਿਲੇਗਾ ਅਤੇ ਤੁਸੀਂ ਇੱਕ ਚੰਗੇ ਇਨਸਾਨ ਬਣੋਗੇ।
ਬਲਜੀਤ ਸਿੰਘ ਕਪੂਰਾ
ਅਧਿਆਪਕ (ਵਿਗਿਆਨ)
ਸੰਪਰਕ : 9465405397
ਦੀ ਮਦਦ ਕਰੋਗੇ ਤਾਂ ਇਸਦੇ ਬਦਲੇ ਤੁਹਾਨੂੰ ਸਕੂਨ ਮਿਲੇਗਾ, ਤੁਹਾਨੂੰ ਕਦੇ ਵੀ ਕਿਸੇ ਚੀਜ਼ ਦੀ ਕਮੀ ਨਹੀਂ ਆਵੇਗੀ ਅਤੇ ਤੁਹਾਡੀ ਜ਼ਿੰਦਗੀ ਖੁਸ਼ੀਆਂ ਨਾਲ ਭਰ ਜਾਵੇਗੀ।
ਸੜਕਾਂ-ਜਿਨ੍ਹਾਂ ਨੇ ਭਾਰਤ ਦੇ ਵਿਕਾਸ ਦੀ ਦਿਸ਼ਾ ਬਦਲ ਦਿੱਤੀ...
ਚਰਚਾ
ਪੰਜਾਬ ਟਾਈਮਜ਼
ਸਾਲ 2014 ਵਿੱਚ ਜਦੋਂ ਨਰਿੰਦਰ ਮੋਦੀ ਨੇ ਪ੍ਰਧਾਨ ਮੰਤਰੀ ਵਜੋਂ ਸਹੁੰ ਚੁੱਕੀ, ਉਦੋਂ ਤੋਂ ਹੀ ਭਾਜਪਾ ਦੀ ਅਗਵਾਈ ਵਾਲੀ ਕੇਂਦਰ ਸਰਕਾਰ ਬੁਨਿਆਦੀ ਢਾਂਚੇ ਦੇ ਵਿਕਾਸ ਨੂੰ ਪਹਿਲ ਦੇ ਰਹੀ ਹੈ। ਸੜਕੀ ਆਵਾਜਾਈ ਅਤੇ ਰਾਜਮਾਰਗ ਮੰਤਰਾਲਾ ਬੁਨਿਆਦੀ ਢਾਂਚੇ ਦੇ ਵਿਕਾਸ ਦਾ ਕੇਂਦਰ ਬਿੰਦੂ ਬਣ ਗਿਆ ਹੈ। ਇਸ ਦਿਸ਼ਾ ਵਿੱਚ, ਸੜਕ ਆਵਾਜਾਈ ਅਤੇ ਰਾਜਮਾਰਗ ਮੰਤਰੀ ਨਿਤਿਨ ਗਡਕਰੀ ਦੀ ਅਗਵਾਈ ਹੇਠ, 2014 ਤੋਂ ਬਾਅਦ ਪਿਛਲੇ 11 ਸਾਲਾਂ ਦੌਰਾਨ ਦੇਸ਼ ਦੀਆਂ ਸੜਕਾਂ ਦਾ ਨਕਸ਼ਾ ਬਦਲ ਗਿਆ ਹੈ। ਇਸ ਦੌਰਾਨ ਬਲਵਾਨ ਵਿੱਚ ਮੁਕੰਮਲ ਕੀਤੇ ਗਏ ਪ੍ਰੋਜੈਕਟਾਂ ਨੇ ਨਾ ਸਿਰਫ਼ ਆਵਾਜਾਈ ਨੂੰ ਆਸਾਨ ਬਣਾਇਆ ਬਲਕਿ ਆਰਥਿਕ ਵਿਕਾਸ ਨੂੰ ਵੀ ਹੁਲਾਰਾ ਦਿੱਤਾ।
ਪੰਜਾਬ ਟਾਈਮਜ਼	ਵਿਸ਼ੇਸ਼
ਅਗਲੇ ਸਾਲ, ਅਸੀਂ ਇਸ ਨੂੰ 12 ਘਟਾ ਕੇ 9% ਕਰਨ ਦਾ ਟੀਚਾ ਮਿੱਥਿਆ ਹੈ। ਇਹ ਸੜਕ ਨਿਰਮਾਣ ਨੂੰ ਵਧਾਏਗਾ, ਸਾਨੂੰ ਭਾਰੀ ਵਾਹਨਾਂ ਦੀ ਆਵਾਜਾਈ ਅਤੇ ਦੂਰੀ ਨੂੰ ਘਟਾਉਣ ਵਿੱਚ ਮਦਦ ਮਿਲੇਗੀ। ਸੜਕ ਆਵਾਜਾਈ ਅਤੇ ਰਾਜਮਾਰਗ ਮੰਤਰਾਲੇ ਨੇ ਪਿਛਲੇ 25 ਸਾਲਾਂ ਦੇ ਮੁਕਾਬਲੇ ਵੱਡੀ ਪ੍ਰਗਤੀ ਕੀਤੀ ਹੈ।
ਵਿੱਚ ਜਾ ਰਹੇ ਹਨ ਕਿ ਇਸ ਸਮਾਰਟ ਮਿਨਾਰਾਂ ਵਿੱਚ ਹਾਈਵੇਅ ਅਤੇ ਐਕਸਪ੍ਰੈਸਵੇਅ ਦਾ ਨੈਟਵਰਕ ਵਧ ਰਿਹਾ ਹੈ। ਦੇਸ਼ ਵਿੱਚ ਲਗਭਗ 12,000 ਕਰੋੜ ਰੁਪਏ ਦੀ ਲਾਗਤ ਨਾਲ ਇੱਕ ਨਵਾਂ ਰਾਸ਼ਟਰੀ ਰਾਜਮਾਰਗ ਬਣਾਇਆ ਜਾ ਰਿਹਾ ਹੈ।
ਫ਼ਲੈਸ਼-ਚਾਰਜਿੰਗ ਇਲੈਕਟ੍ਰਿਕ ਬੱਸ ਜਲਦੀ ਹੀ ਨਾਗਪੁਰ ਵਿੱਚ ਸ਼ੁਰੂ ਕੀਤੀ ਜਾਵੇਗੀ। ਇਸ ਵਿੱਚ 135 ਸੀਟਾਂ, ਐਗਜ਼ੀਕਿਊਟਿਵ ਕਲਾਸ, ਸਾਮਾਨ ਟੀਵੀ ਸਕ੍ਰੀਨ ਅਤੇ ਏਅਰ ਹੋਸਟੈੱਸ ਵਰਗੀਆਂ ਸਹੂਲਤਾਂ ਹੋਣਗੀਆਂ। ਬੱਸ ਦੀ ਵੱਧ ਤੋਂ ਵੱਧ ਰਫ਼ਤਾਰ 120 ਕਿਲੋਮੀਟਰ ਪ੍ਰਤੀ ਘੰਟਾ ਹੋਵੇਗੀ।
ਹੋ ਰਹੀ ਹੈ। 5.35 ਲੱਖ ਕਰੋੜ ਰੁਪਏ ਦੀ ਅਨੁਮਾਨਿਤ ਲਾਗਤ ਨਾਲ 26,425 ਕਿਲੋਮੀਟਰ ਸੜਕਾਂ ਬਣਾਉਣ ਦਾ ਟੀਚਾ ਹੈ, ਜਿਸ ਵਿੱਚ ਆਰਥਿਕ ਗਲਿਆਰੇ, ਅੰਤਰਰਾਸ਼ਟਰੀ ਕਨੈਕਟੀਵਿਟੀ ਸੜਕਾਂ ਅਤੇ ਸਰਹੱਦੀ ਸੜਕਾਂ ਸ਼ਾਮਲ ਹਨ।
ਨਿਤਿਨ ਗਡਕਰੀ
ਕੇਂਦਰੀ ਸੜਕ ਆਵਾਜਾਈ ਅਤੇ ਰਾਜਮਾਰਗ ਮੰਤਰੀ
ਮਿਲਣਗਾ ਅਤੇ ਇਹ ਕਿ ਸੰਭਲਿਤ ਵਿਕਾਸ ਸਮਾਜ ਦੀ ਆਰਥੀ ਕਰਨ ਵਿੱਚ ਵੀ ਬਹੁਤ ਸਹਾਇਕ ਹੋਵੇਗਾ। 2047 ਤੱਕ ਆਪਣੇ ਰਾਸ਼ਟਰੀ ਰਾਜਮਾਰਗ ਨੈਟਵਰਕ ਨੂੰ ਅਮਰੀਕਾ ਨਾਲੋਂ ਬਿਹਤਰ ਬਣਾਉਣ ਦਾ ਟੀਚਾ ਹੈ। ਅਸੀਂ ਭਾਰਤ ਦੇ ਸੜਕੀ ਨੈਟਵਰਕ ਨੂੰ ਵਿਸ਼ਵ ਪੱਧਰੀ ਬਣਾਉਣ ਲਈ ਵਚਨਬੱਧ ਹਾਂ।
-ਪੀ.ਆਈ.ਬੀ. ਫੀਚਰ
CMYK
